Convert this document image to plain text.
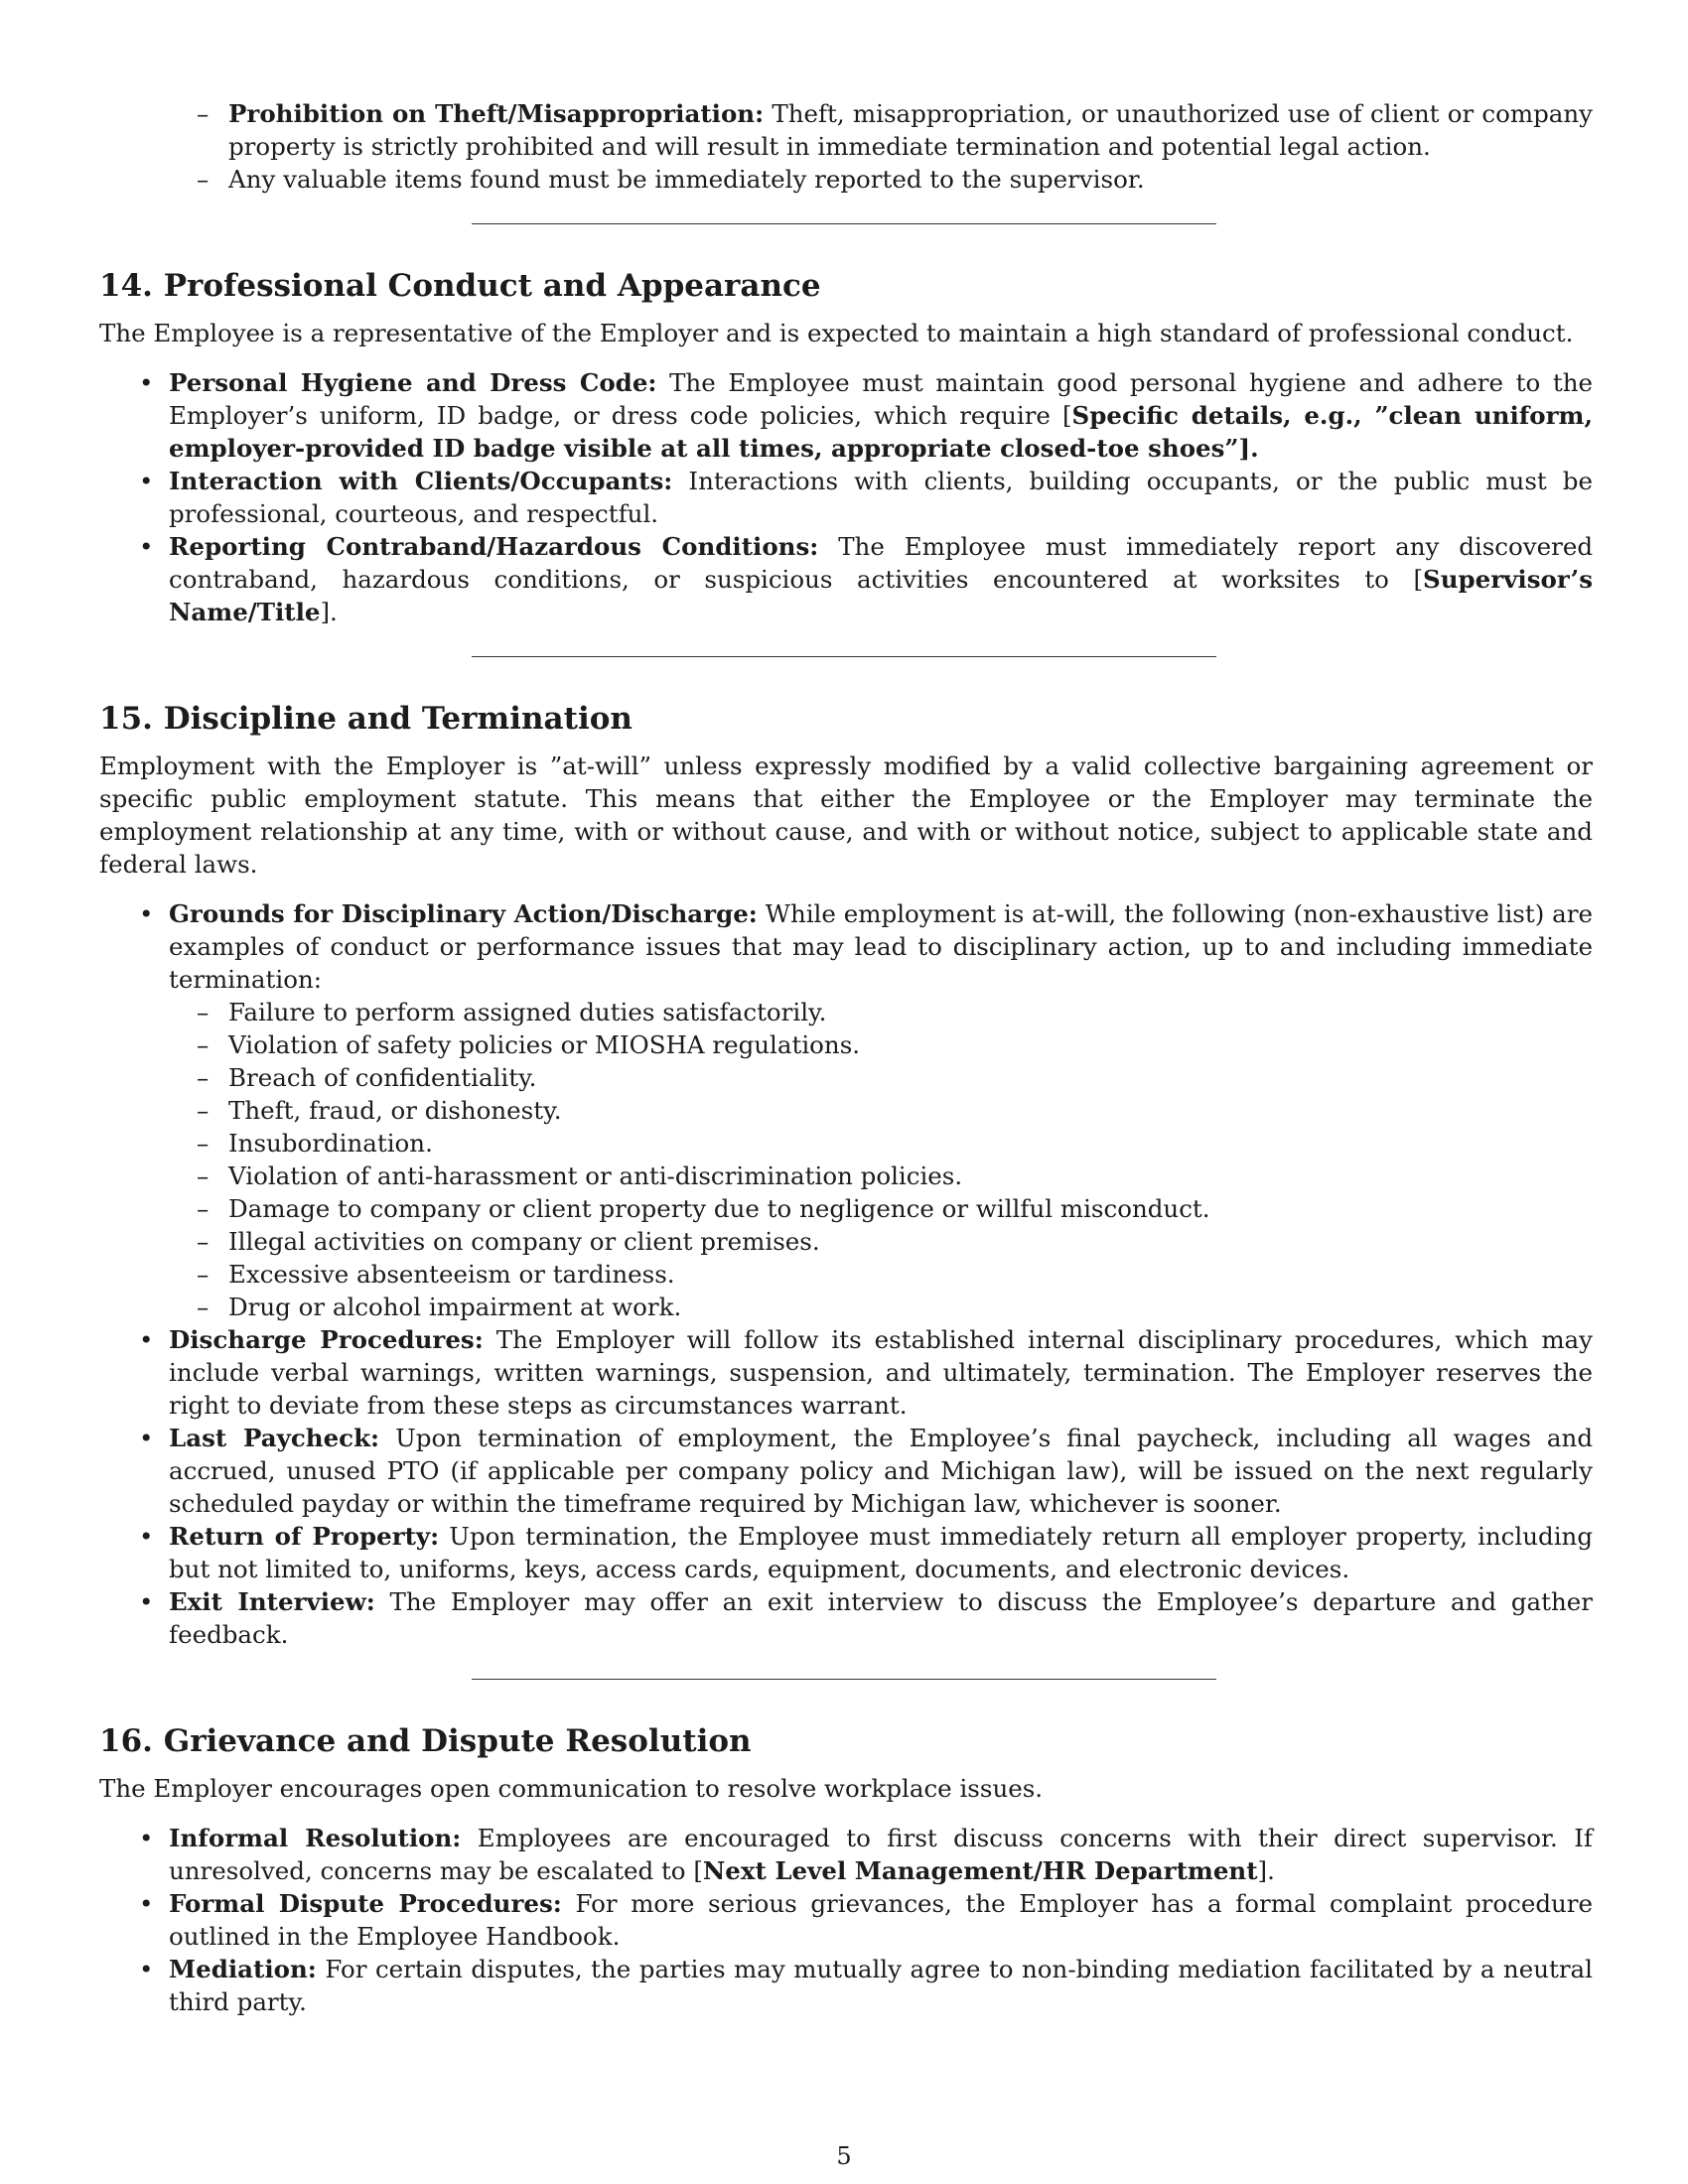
– Prohibition on Theft/Misappropriation: Theft, misappropriation, or unauthorized use of client or company property is strictly prohibited and will result in immediate termination and potential legal action.
– Any valuable items found must be immediately reported to the supervisor.
14. Professional Conduct and Appearance

The Employee is a representative of the Employer and is expected to maintain a high standard of professional conduct.

• Personal Hygiene and Dress Code: The Employee must maintain good personal hygiene and adhere to the Employer’s uniform, ID badge, or dress code policies, which require [Specific details, e.g., ”clean uniform, employer-provided ID badge visible at all times, appropriate closed-toe shoes”].
• Interaction with Clients/Occupants: Interactions with clients, building occupants, or the public must be professional, courteous, and respectful.
• Reporting Contraband/Hazardous Conditions: The Employee must immediately report any discovered contraband, hazardous conditions, or suspicious activities encountered at worksites to [Supervisor’s Name/Title].
15. Discipline and Termination

Employment with the Employer is ”at-will” unless expressly modified by a valid collective bargaining agreement or specific public employment statute. This means that either the Employee or the Employer may terminate the employment relationship at any time, with or without cause, and with or without notice, subject to applicable state and federal laws.

• Grounds for Disciplinary Action/Discharge: While employment is at-will, the following (non-exhaustive list) are examples of conduct or performance issues that may lead to disciplinary action, up to and including immediate termination:
– Failure to perform assigned duties satisfactorily.
– Violation of safety policies or MIOSHA regulations.
– Breach of confidentiality.
– Theft, fraud, or dishonesty.
– Insubordination.
– Violation of anti-harassment or anti-discrimination policies.
– Damage to company or client property due to negligence or willful misconduct.
– Illegal activities on company or client premises.
– Excessive absenteeism or tardiness.
– Drug or alcohol impairment at work.
• Discharge Procedures: The Employer will follow its established internal disciplinary procedures, which may include verbal warnings, written warnings, suspension, and ultimately, termination. The Employer reserves the right to deviate from these steps as circumstances warrant.
• Last Paycheck: Upon termination of employment, the Employee’s final paycheck, including all wages and accrued, unused PTO (if applicable per company policy and Michigan law), will be issued on the next regularly scheduled payday or within the timeframe required by Michigan law, whichever is sooner.
• Return of Property: Upon termination, the Employee must immediately return all employer property, including but not limited to, uniforms, keys, access cards, equipment, documents, and electronic devices.
• Exit Interview: The Employer may offer an exit interview to discuss the Employee’s departure and gather feedback.
16. Grievance and Dispute Resolution

The Employer encourages open communication to resolve workplace issues.

• Informal Resolution: Employees are encouraged to first discuss concerns with their direct supervisor. If unresolved, concerns may be escalated to [Next Level Management/HR Department].
• Formal Dispute Procedures: For more serious grievances, the Employer has a formal complaint procedure outlined in the Employee Handbook.
• Mediation: For certain disputes, the parties may mutually agree to non-binding mediation facilitated by a neutral third party.
5
